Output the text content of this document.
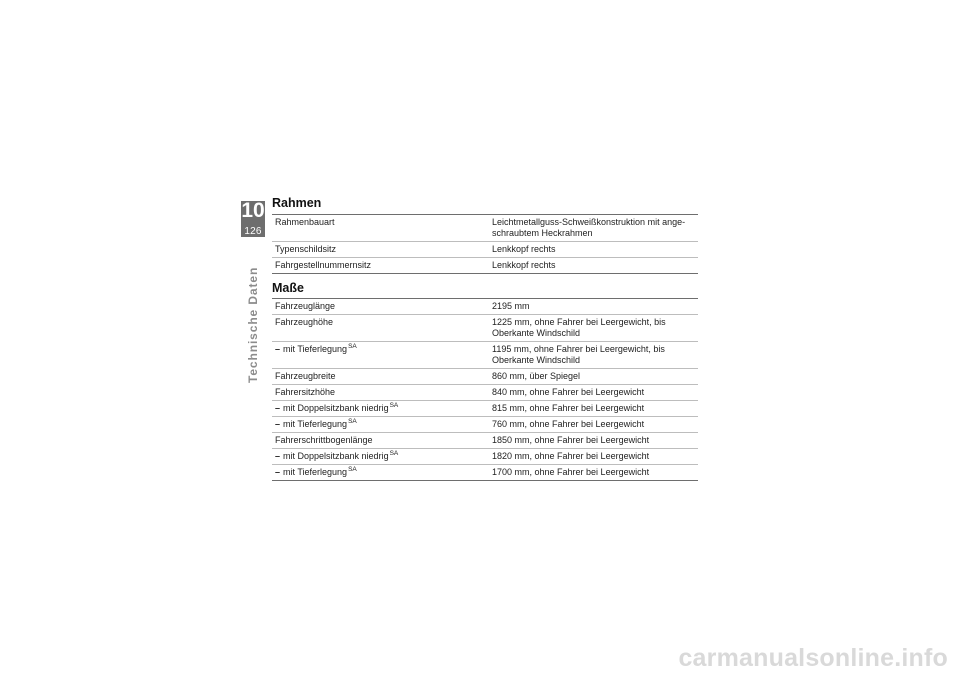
10
126
Technische Daten
Rahmen
Rahmenbauart	Leichtmetallguss-Schweißkonstruktion mit ange-
schraubtem Heckrahmen
Typenschildsitz	Lenkkopf rechts
Fahrgestellnummernsitz	Lenkkopf rechts
Maße
Fahrzeuglänge	2195 mm
Fahrzeughöhe	1225 mm, ohne Fahrer bei Leergewicht, bis
Oberkante Windschild
– mit Tieferlegung$^{SA}$	1195 mm, ohne Fahrer bei Leergewicht, bis
Oberkante Windschild
Fahrzeugbreite	860 mm, über Spiegel
Fahrersitzhöhe	840 mm, ohne Fahrer bei Leergewicht
– mit Doppelsitzbank niedrig$^{SA}$	815 mm, ohne Fahrer bei Leergewicht
– mit Tieferlegung$^{SA}$	760 mm, ohne Fahrer bei Leergewicht
Fahrerschrittbogenlänge	1850 mm, ohne Fahrer bei Leergewicht
– mit Doppelsitzbank niedrig$^{SA}$	1820 mm, ohne Fahrer bei Leergewicht
– mit Tieferlegung$^{SA}$	1700 mm, ohne Fahrer bei Leergewicht
carmanualsonline.info
